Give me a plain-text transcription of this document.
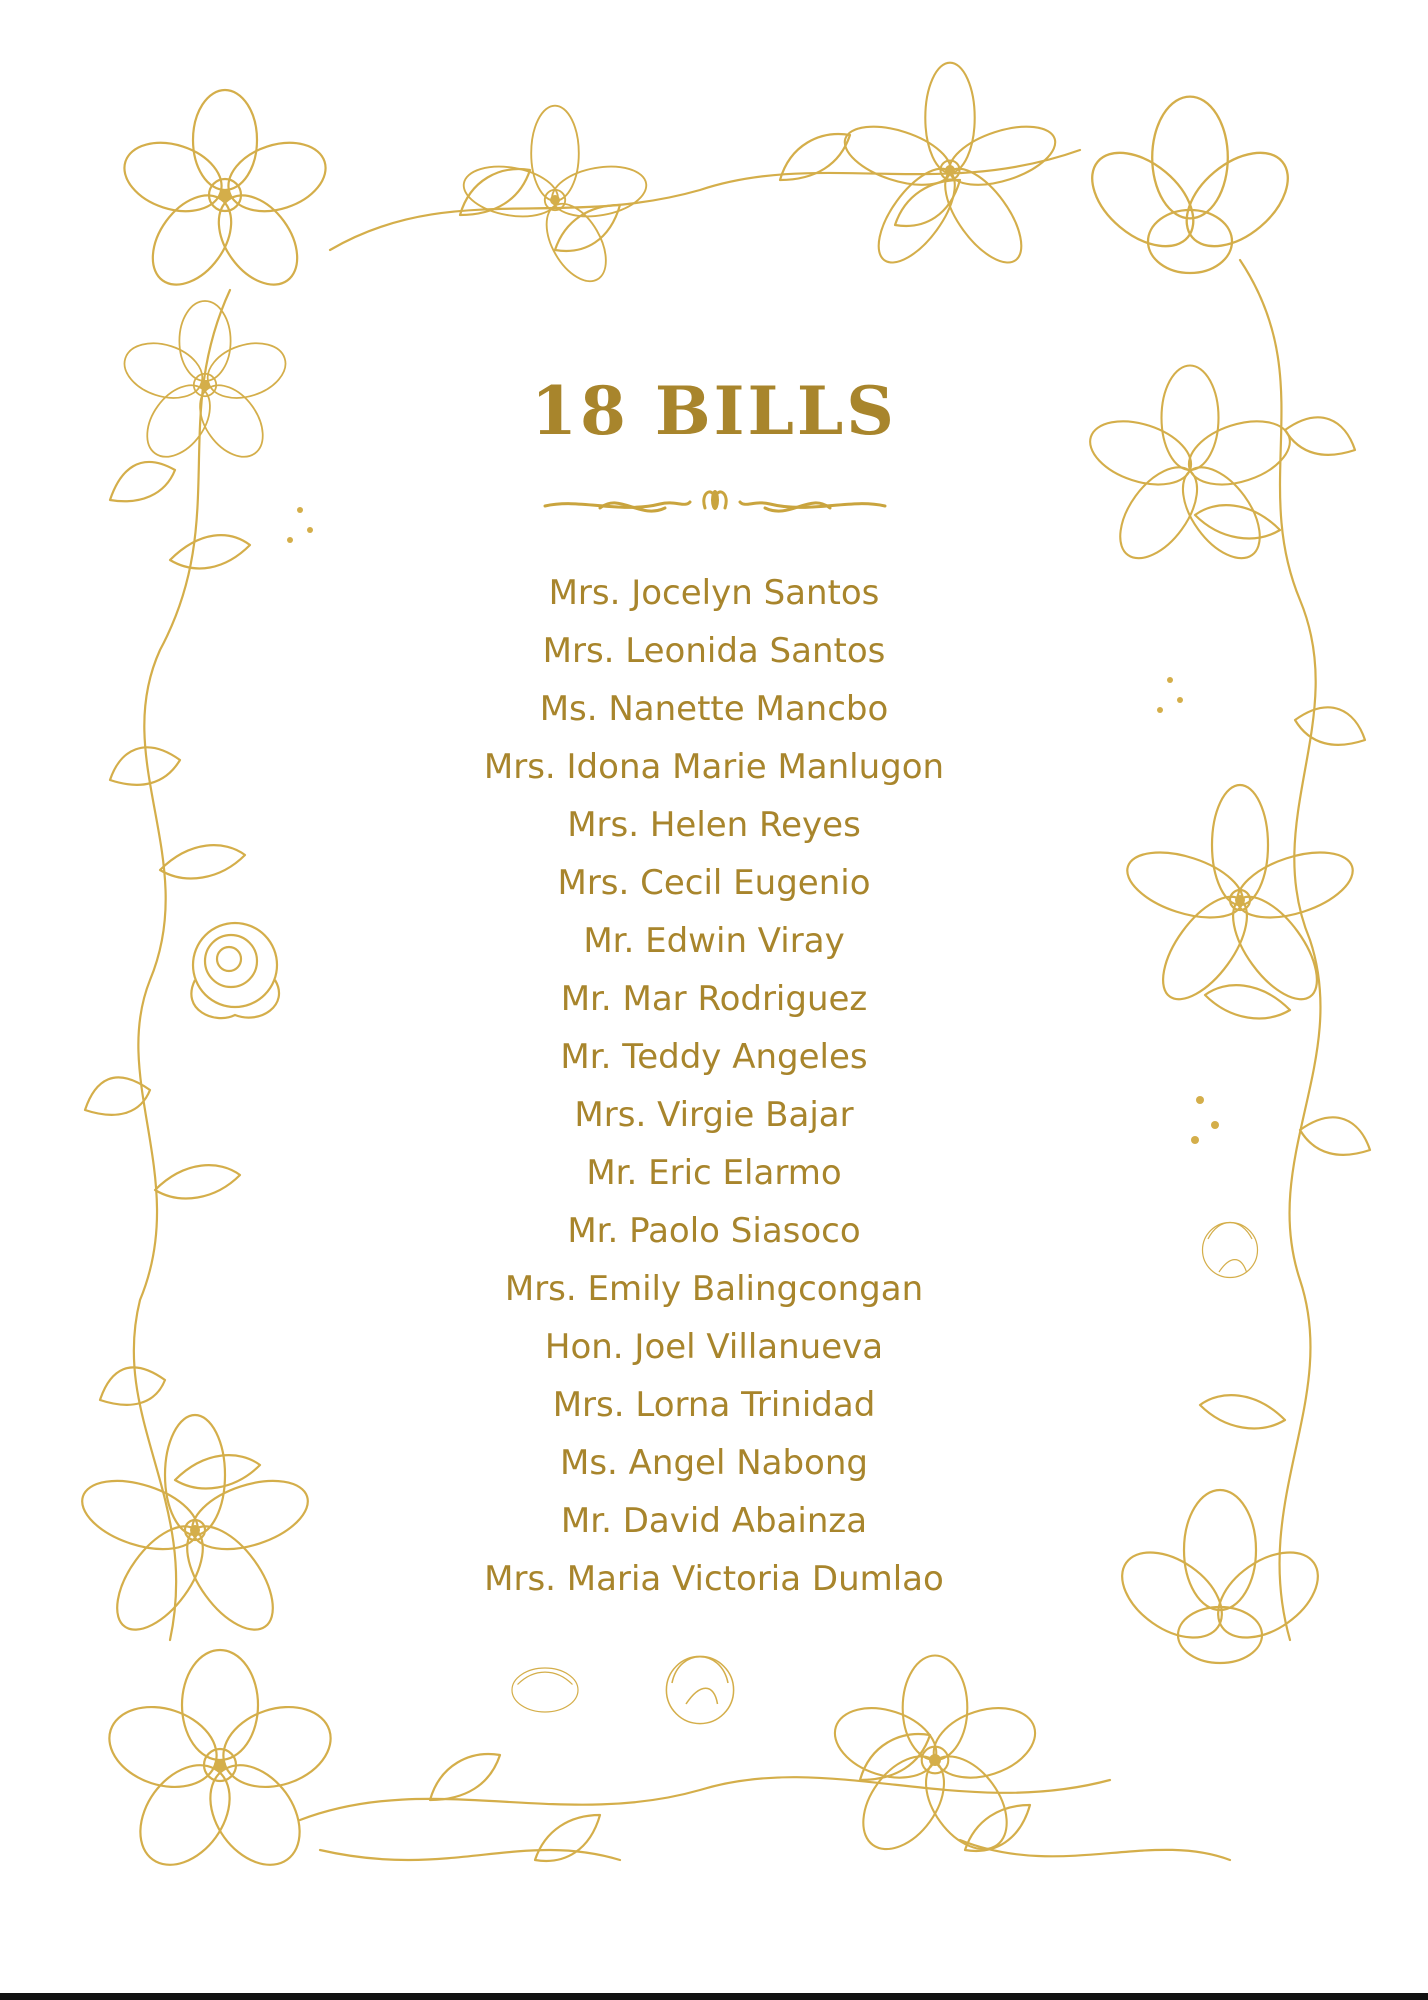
18 BILLS
Mrs. Jocelyn Santos
Mrs. Leonida Santos
Ms. Nanette Mancbo
Mrs. Idona Marie Manlugon
Mrs. Helen Reyes
Mrs. Cecil Eugenio
Mr. Edwin Viray
Mr. Mar Rodriguez
Mr. Teddy Angeles
Mrs. Virgie Bajar
Mr. Eric Elarmo
Mr. Paolo Siasoco
Mrs. Emily Balingcongan
Hon. Joel Villanueva
Mrs. Lorna Trinidad
Ms. Angel Nabong
Mr. David Abainza
Mrs. Maria Victoria Dumlao
